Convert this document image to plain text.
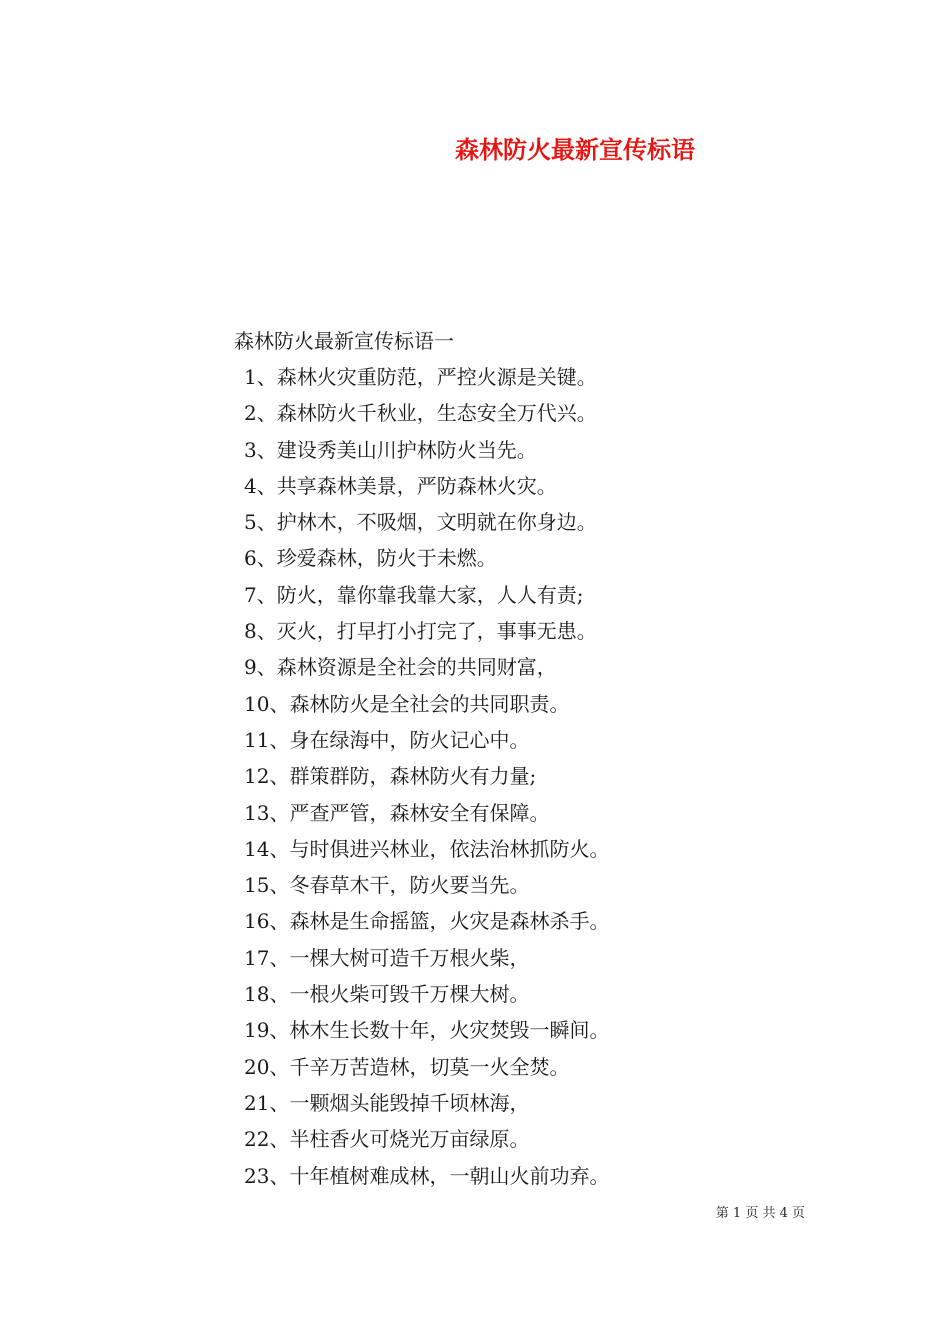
森林防火最新宣传标语
森林防火最新宣传标语一
1、森林火灾重防范，严控火源是关键。
2、森林防火千秋业，生态安全万代兴。
3、建设秀美山川护林防火当先。
4、共享森林美景，严防森林火灾。
5、护林木，不吸烟，文明就在你身边。
6、珍爱森林，防火于未燃。
7、防火，靠你靠我靠大家，人人有责;
8、灭火，打早打小打完了，事事无患。
9、森林资源是全社会的共同财富，
10、森林防火是全社会的共同职责。
11、身在绿海中，防火记心中。
12、群策群防，森林防火有力量;
13、严查严管，森林安全有保障。
14、与时俱进兴林业，依法治林抓防火。
15、冬春草木干，防火要当先。
16、森林是生命摇篮，火灾是森林杀手。
17、一棵大树可造千万根火柴，
18、一根火柴可毁千万棵大树。
19、林木生长数十年，火灾焚毁一瞬间。
20、千辛万苦造林，切莫一火全焚。
21、一颗烟头能毁掉千顷林海，
22、半柱香火可烧光万亩绿原。
23、十年植树难成林，一朝山火前功弃。
第 1 页 共 4 页
